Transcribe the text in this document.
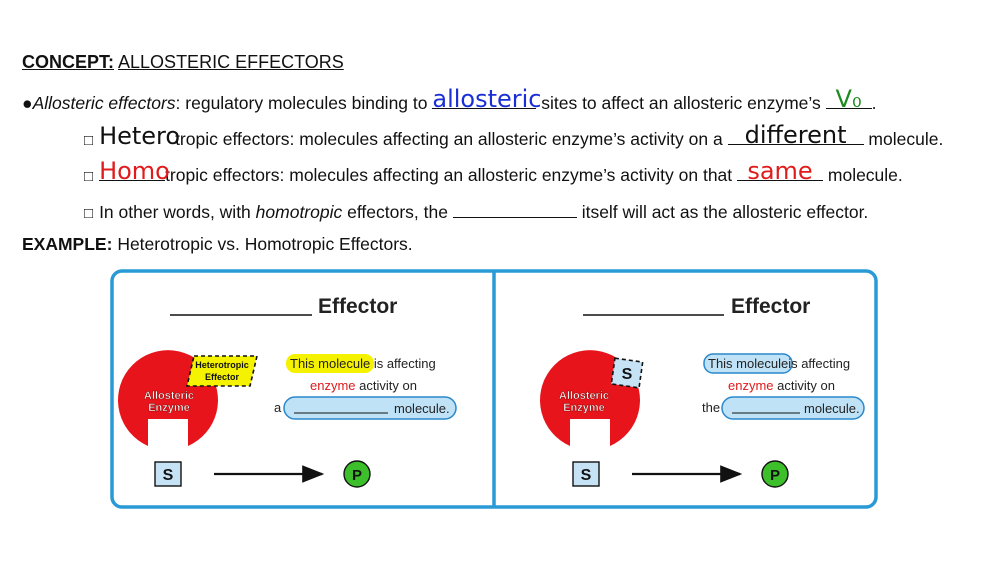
CONCEPT: ALLOSTERIC EFFECTORS
●Allosteric effectors: regulatory molecules binding to allosteric
sites to affect an allosteric enzyme’s V₀ .
□ Hetero
tropic effectors: molecules affecting an allosteric enzyme’s activity on a different molecule.
□ Homo
tropic effectors: molecules affecting an allosteric enzyme’s activity on that same molecule.
□ In other words, with homotropic effectors, the	itself will act as the allosteric effector.
EXAMPLE: Heterotropic vs. Homotropic Effectors.
Effector
Allosteric
Enzyme
Heterotropic
Effector
This molecule is affecting
enzyme activity on
a	molecule.
S	P
Effector
Allosteric
Enzyme
S
This moleculeis affecting
enzyme activity on
the	molecule.
S	P
